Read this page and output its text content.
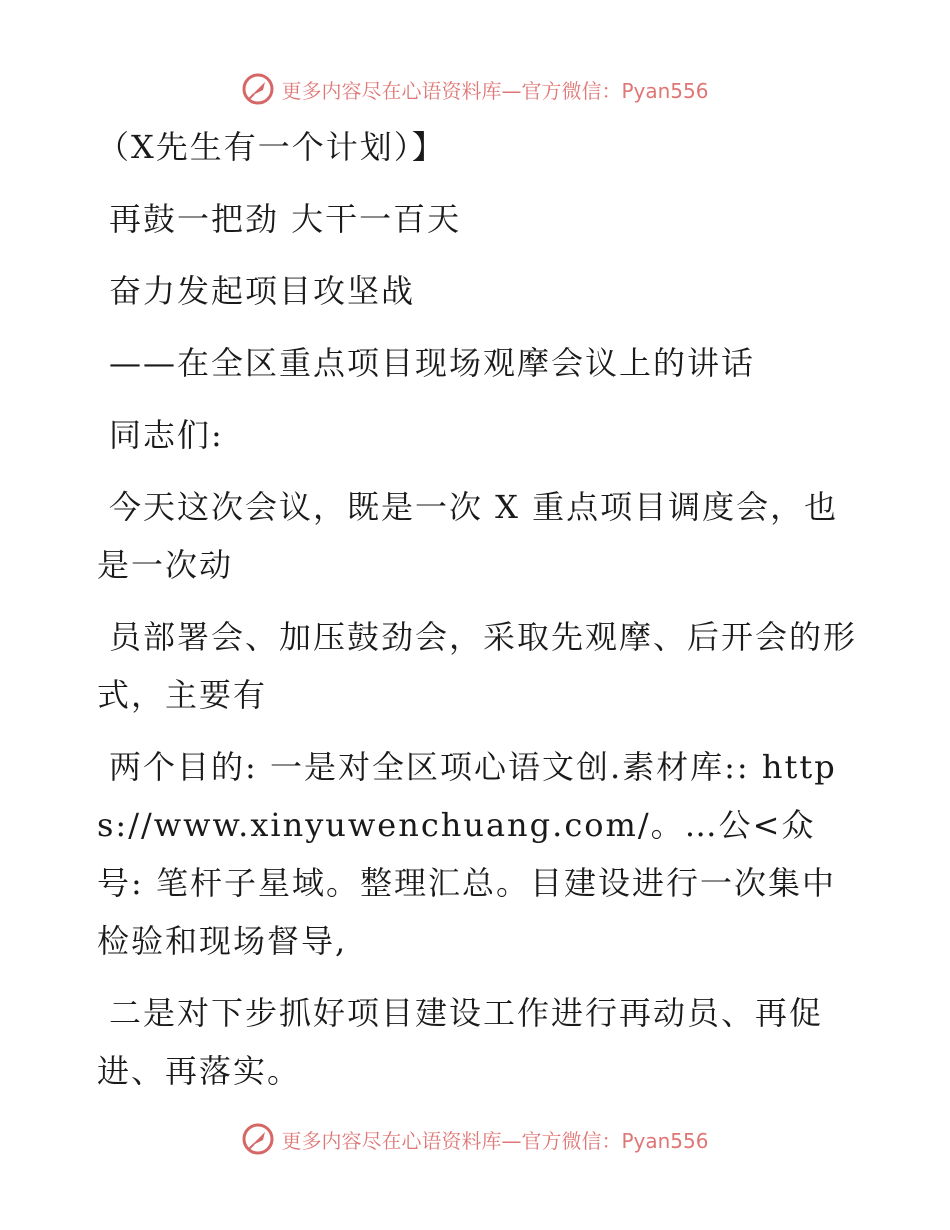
更多内容尽在心语资料库—官方微信：Pyan556

（X先生有一个计划）】

再鼓一把劲 大干一百天

奋力发起项目攻坚战

——在全区重点项目现场观摩会议上的讲话

同志们:

今天这次会议，既是一次 X 重点项目调度会，也是一次动

员部署会、加压鼓劲会，采取先观摩、后开会的形式，主要有

两个目的: 一是对全区项心语文创.素材库:: https://www.xinyuwenchuang.com/。…公<众号: 笔杆子星域。整理汇总。目建设进行一次集中检验和现场督导,

二是对下步抓好项目建设工作进行再动员、再促进、再落实。

更多内容尽在心语资料库—官方微信：Pyan556
